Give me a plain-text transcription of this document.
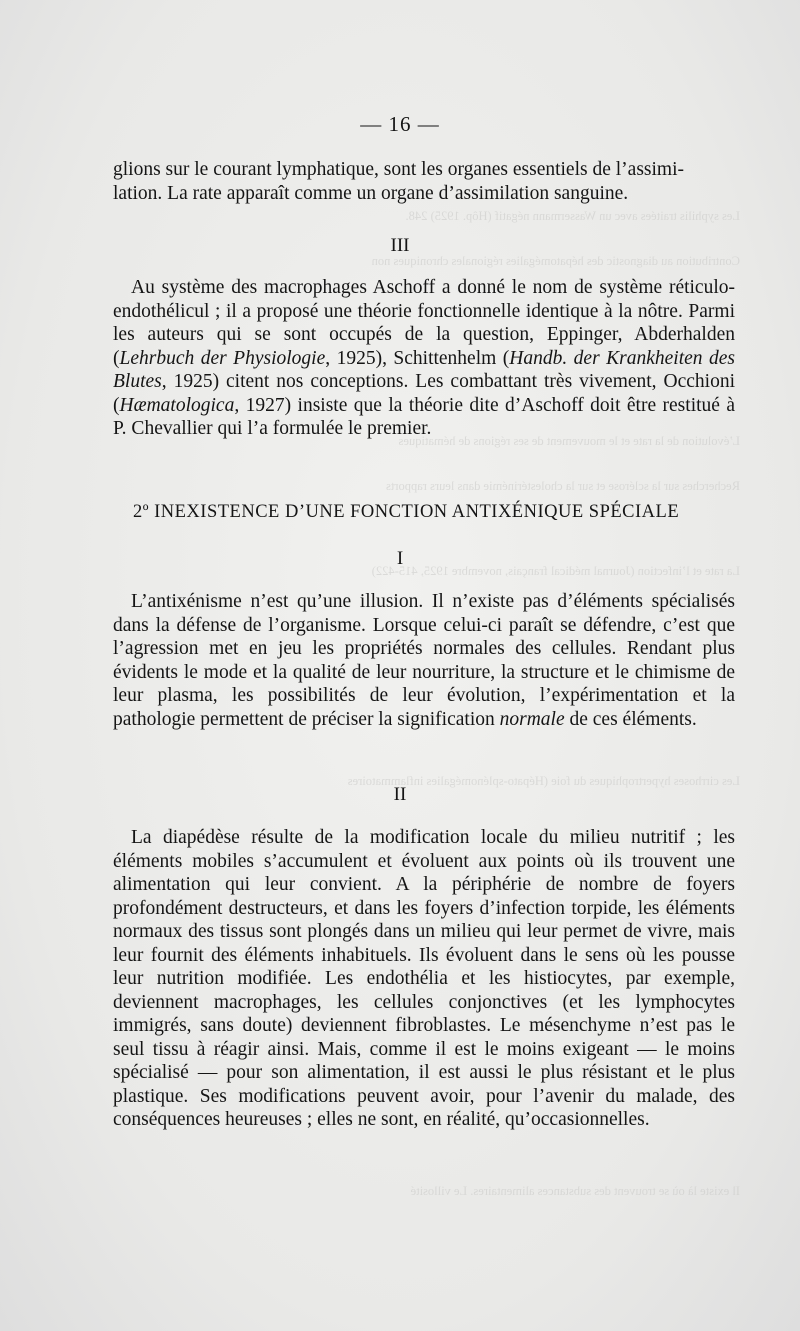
Les syphilis traitées avec un Wassermann négatif (Hôp. 1925) 248.
Contribution au diagnostic des hépatomégalies régionales chroniques non
L’évolution de la rate et le mouvement de ses régions de hématiques
Recherches sur la sclérose et sur la cholestérinémie dans leurs rapports
La rate et l’infection (Journal médical français, novembre 1925, 415-422)
Les cirrhoses hypertrophiques du foie (Hépato-splénomégalies inflammatoires
Il existe là où se trouvent des substances alimentaires. Le villosité
— 16 —

glions sur le courant lymphatique, sont les organes essentiels de l’assimi-

lation. La rate apparaît comme un organe d’assimilation sanguine.

III

Au système des macrophages Aschoff a donné le nom de système réticulo-endothélicul ; il a proposé une théorie fonctionnelle identique à la nôtre. Parmi les auteurs qui se sont occupés de la question, Eppinger, Abderhalden (Lehrbuch der Physiologie, 1925), Schittenhelm (Handb. der Krankheiten des Blutes, 1925) citent nos conceptions. Les combattant très vivement, Occhioni (Hæmatologica, 1927) insiste que la théorie dite d’Aschoff doit être restitué à P. Chevallier qui l’a formulée le premier.

2º INEXISTENCE D’UNE FONCTION ANTIXÉNIQUE SPÉCIALE
I

L’antixénisme n’est qu’une illusion. Il n’existe pas d’éléments spécialisés dans la défense de l’organisme. Lorsque celui-ci paraît se défendre, c’est que l’agression met en jeu les propriétés normales des cellules. Rendant plus évidents le mode et la qualité de leur nourriture, la structure et le chimisme de leur plasma, les possibilités de leur évolution, l’expérimentation et la pathologie permettent de préciser la signification normale de ces éléments.

II

La diapédèse résulte de la modification locale du milieu nutritif ; les éléments mobiles s’accumulent et évoluent aux points où ils trouvent une alimentation qui leur convient. A la périphérie de nombre de foyers profondément destructeurs, et dans les foyers d’infection torpide, les éléments normaux des tissus sont plongés dans un milieu qui leur permet de vivre, mais leur fournit des éléments inhabituels. Ils évoluent dans le sens où les pousse leur nutrition modifiée. Les endothélia et les histiocytes, par exemple, deviennent macrophages, les cellules conjonctives (et les lymphocytes immigrés, sans doute) deviennent fibroblastes. Le mésenchyme n’est pas le seul tissu à réagir ainsi. Mais, comme il est le moins exigeant — le moins spécialisé — pour son alimentation, il est aussi le plus résistant et le plus plastique. Ses modifications peuvent avoir, pour l’avenir du malade, des conséquences heureuses ; elles ne sont, en réalité, qu’occasionnelles.
